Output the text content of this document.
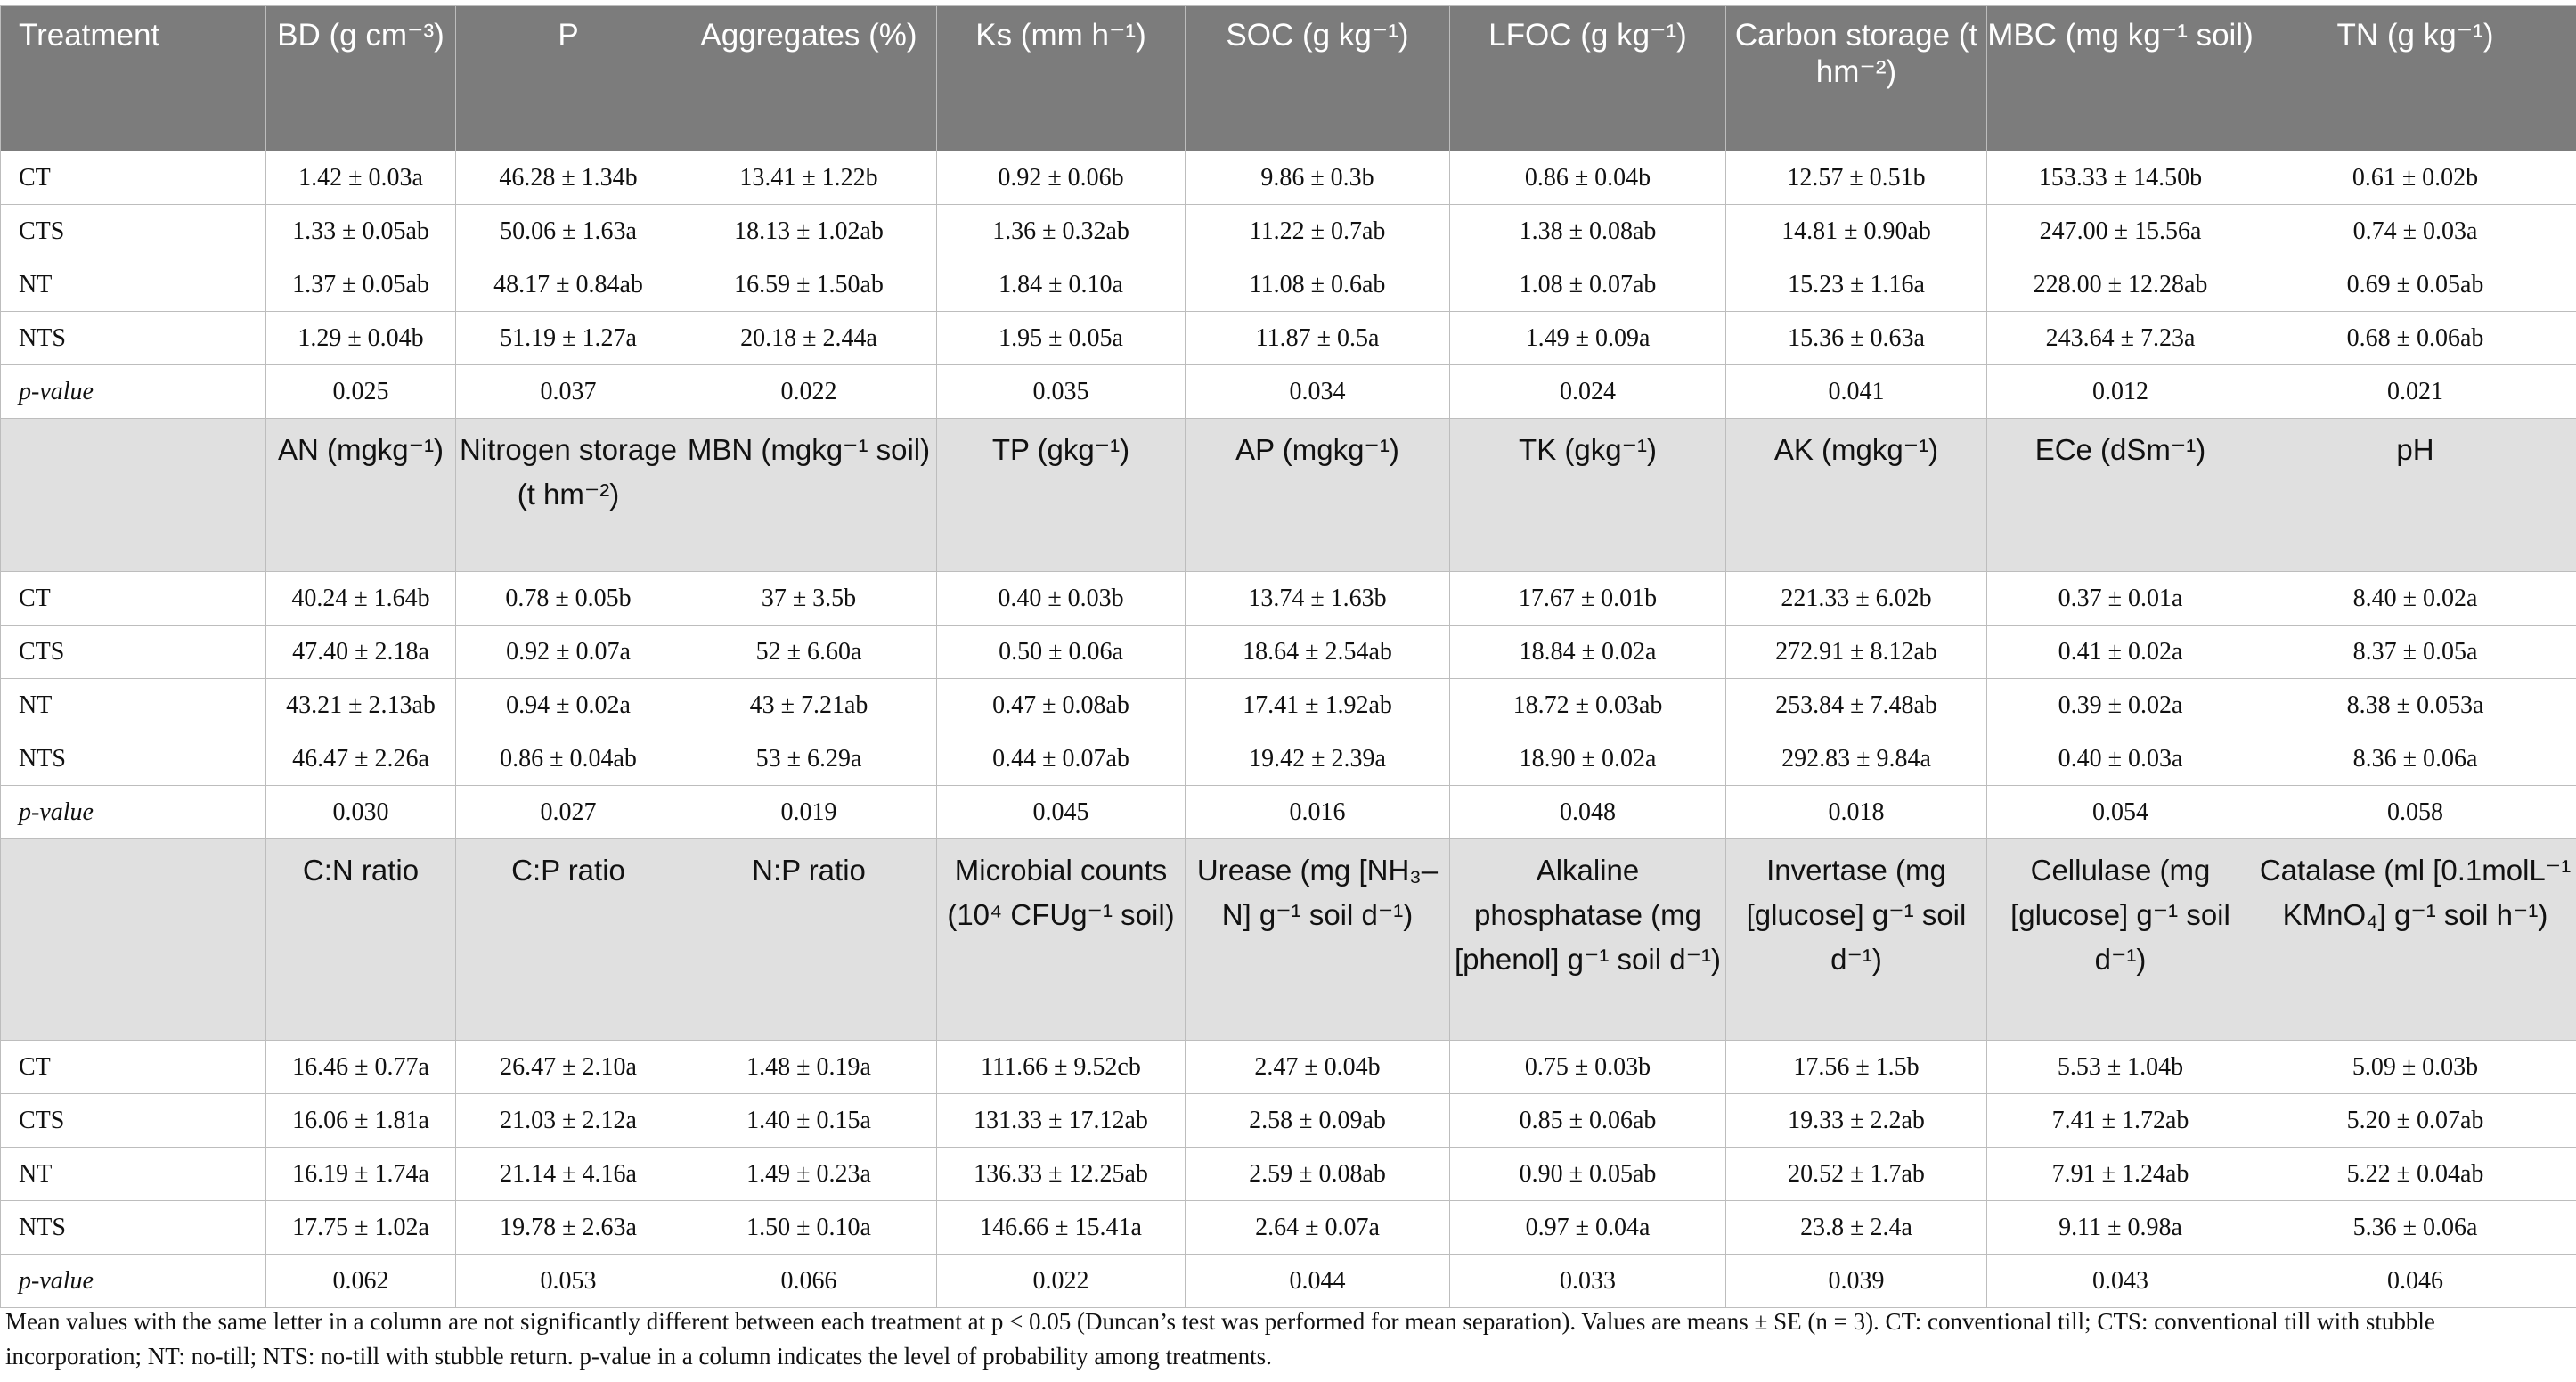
Treatment	BD (g cm⁻³)	P	Aggregates (%)	Ks (mm h⁻¹)	SOC (g kg⁻¹)	LFOC (g kg⁻¹)	Carbon storage (t hm⁻²)	MBC (mg kg⁻¹ soil)	TN (g kg⁻¹)
CT	1.42 ± 0.03a	46.28 ± 1.34b	13.41 ± 1.22b	0.92 ± 0.06b	9.86 ± 0.3b	0.86 ± 0.04b	12.57 ± 0.51b	153.33 ± 14.50b	0.61 ± 0.02b
CTS	1.33 ± 0.05ab	50.06 ± 1.63a	18.13 ± 1.02ab	1.36 ± 0.32ab	11.22 ± 0.7ab	1.38 ± 0.08ab	14.81 ± 0.90ab	247.00 ± 15.56a	0.74 ± 0.03a
NT	1.37 ± 0.05ab	48.17 ± 0.84ab	16.59 ± 1.50ab	1.84 ± 0.10a	11.08 ± 0.6ab	1.08 ± 0.07ab	15.23 ± 1.16a	228.00 ± 12.28ab	0.69 ± 0.05ab
NTS	1.29 ± 0.04b	51.19 ± 1.27a	20.18 ± 2.44a	1.95 ± 0.05a	11.87 ± 0.5a	1.49 ± 0.09a	15.36 ± 0.63a	243.64 ± 7.23a	0.68 ± 0.06ab
p-value	0.025	0.037	0.022	0.035	0.034	0.024	0.041	0.012	0.021
	AN (mgkg⁻¹)	Nitrogen storage (t hm⁻²)	MBN (mgkg⁻¹ soil)	TP (gkg⁻¹)	AP (mgkg⁻¹)	TK (gkg⁻¹)	AK (mgkg⁻¹)	ECe (dSm⁻¹)	pH
CT	40.24 ± 1.64b	0.78 ± 0.05b	37 ± 3.5b	0.40 ± 0.03b	13.74 ± 1.63b	17.67 ± 0.01b	221.33 ± 6.02b	0.37 ± 0.01a	8.40 ± 0.02a
CTS	47.40 ± 2.18a	0.92 ± 0.07a	52 ± 6.60a	0.50 ± 0.06a	18.64 ± 2.54ab	18.84 ± 0.02a	272.91 ± 8.12ab	0.41 ± 0.02a	8.37 ± 0.05a
NT	43.21 ± 2.13ab	0.94 ± 0.02a	43 ± 7.21ab	0.47 ± 0.08ab	17.41 ± 1.92ab	18.72 ± 0.03ab	253.84 ± 7.48ab	0.39 ± 0.02a	8.38 ± 0.053a
NTS	46.47 ± 2.26a	0.86 ± 0.04ab	53 ± 6.29a	0.44 ± 0.07ab	19.42 ± 2.39a	18.90 ± 0.02a	292.83 ± 9.84a	0.40 ± 0.03a	8.36 ± 0.06a
p-value	0.030	0.027	0.019	0.045	0.016	0.048	0.018	0.054	0.058
	C:N ratio	C:P ratio	N:P ratio	Microbial counts (10⁴ CFUg⁻¹ soil)	Urease (mg [NH₃–N] g⁻¹ soil d⁻¹)	Alkaline phosphatase (mg [phenol] g⁻¹ soil d⁻¹)	Invertase (mg [glucose] g⁻¹ soil d⁻¹)	Cellulase (mg [glucose] g⁻¹ soil d⁻¹)	Catalase (ml [0.1molL⁻¹ KMnO₄] g⁻¹ soil h⁻¹)
CT	16.46 ± 0.77a	26.47 ± 2.10a	1.48 ± 0.19a	111.66 ± 9.52cb	2.47 ± 0.04b	0.75 ± 0.03b	17.56 ± 1.5b	5.53 ± 1.04b	5.09 ± 0.03b
CTS	16.06 ± 1.81a	21.03 ± 2.12a	1.40 ± 0.15a	131.33 ± 17.12ab	2.58 ± 0.09ab	0.85 ± 0.06ab	19.33 ± 2.2ab	7.41 ± 1.72ab	5.20 ± 0.07ab
NT	16.19 ± 1.74a	21.14 ± 4.16a	1.49 ± 0.23a	136.33 ± 12.25ab	2.59 ± 0.08ab	0.90 ± 0.05ab	20.52 ± 1.7ab	7.91 ± 1.24ab	5.22 ± 0.04ab
NTS	17.75 ± 1.02a	19.78 ± 2.63a	1.50 ± 0.10a	146.66 ± 15.41a	2.64 ± 0.07a	0.97 ± 0.04a	23.8 ± 2.4a	9.11 ± 0.98a	5.36 ± 0.06a
p-value	0.062	0.053	0.066	0.022	0.044	0.033	0.039	0.043	0.046
Mean values with the same letter in a column are not significantly different between each treatment at p < 0.05 (Duncan’s test was performed for mean separation). Values are means ± SE (n = 3). CT: conventional till; CTS: conventional till with stubble incorporation; NT: no-till; NTS: no-till with stubble return. p-value in a column indicates the level of probability among treatments.
